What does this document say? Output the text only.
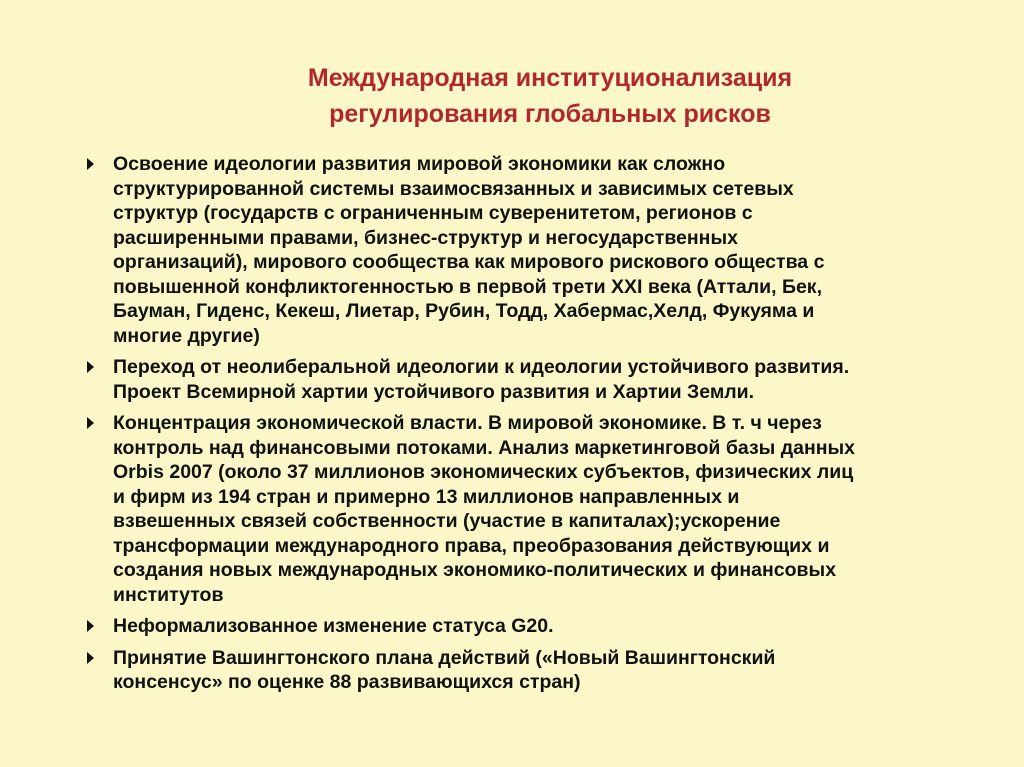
Международная институционализация
регулирования глобальных рисков
Освоение идеологии развития мировой экономики как сложно
структурированной системы взаимосвязанных и зависимых сетевых
структур (государств с ограниченным суверенитетом, регионов с
расширенными правами, бизнес-структур и негосударственных
организаций), мирового сообщества как мирового рискового общества с
повышенной конфликтогенностью в первой трети XXI века (Аттали, Бек,
Бауман, Гиденс, Кекеш, Лиетар, Рубин, Тодд, Хабермас,Хелд, Фукуяма и
многие другие)
Переход от неолиберальной идеологии к идеологии устойчивого развития.
Проект Всемирной хартии устойчивого развития и Хартии Земли.
Концентрация экономической власти. В мировой экономике. В т. ч через
контроль над финансовыми потоками. Анализ маркетинговой базы данных
Orbis 2007 (около 37 миллионов экономических субъектов, физических лиц
и фирм из 194 стран и примерно 13 миллионов направленных и
взвешенных связей собственности (участие в капиталах);ускорение
трансформации международного права, преобразования действующих и
создания новых международных экономико-политических и финансовых
институтов
Неформализованное изменение статуса G20.
Принятие Вашингтонского плана действий («Новый Вашингтонский
консенсус» по оценке 88 развивающихся стран)
